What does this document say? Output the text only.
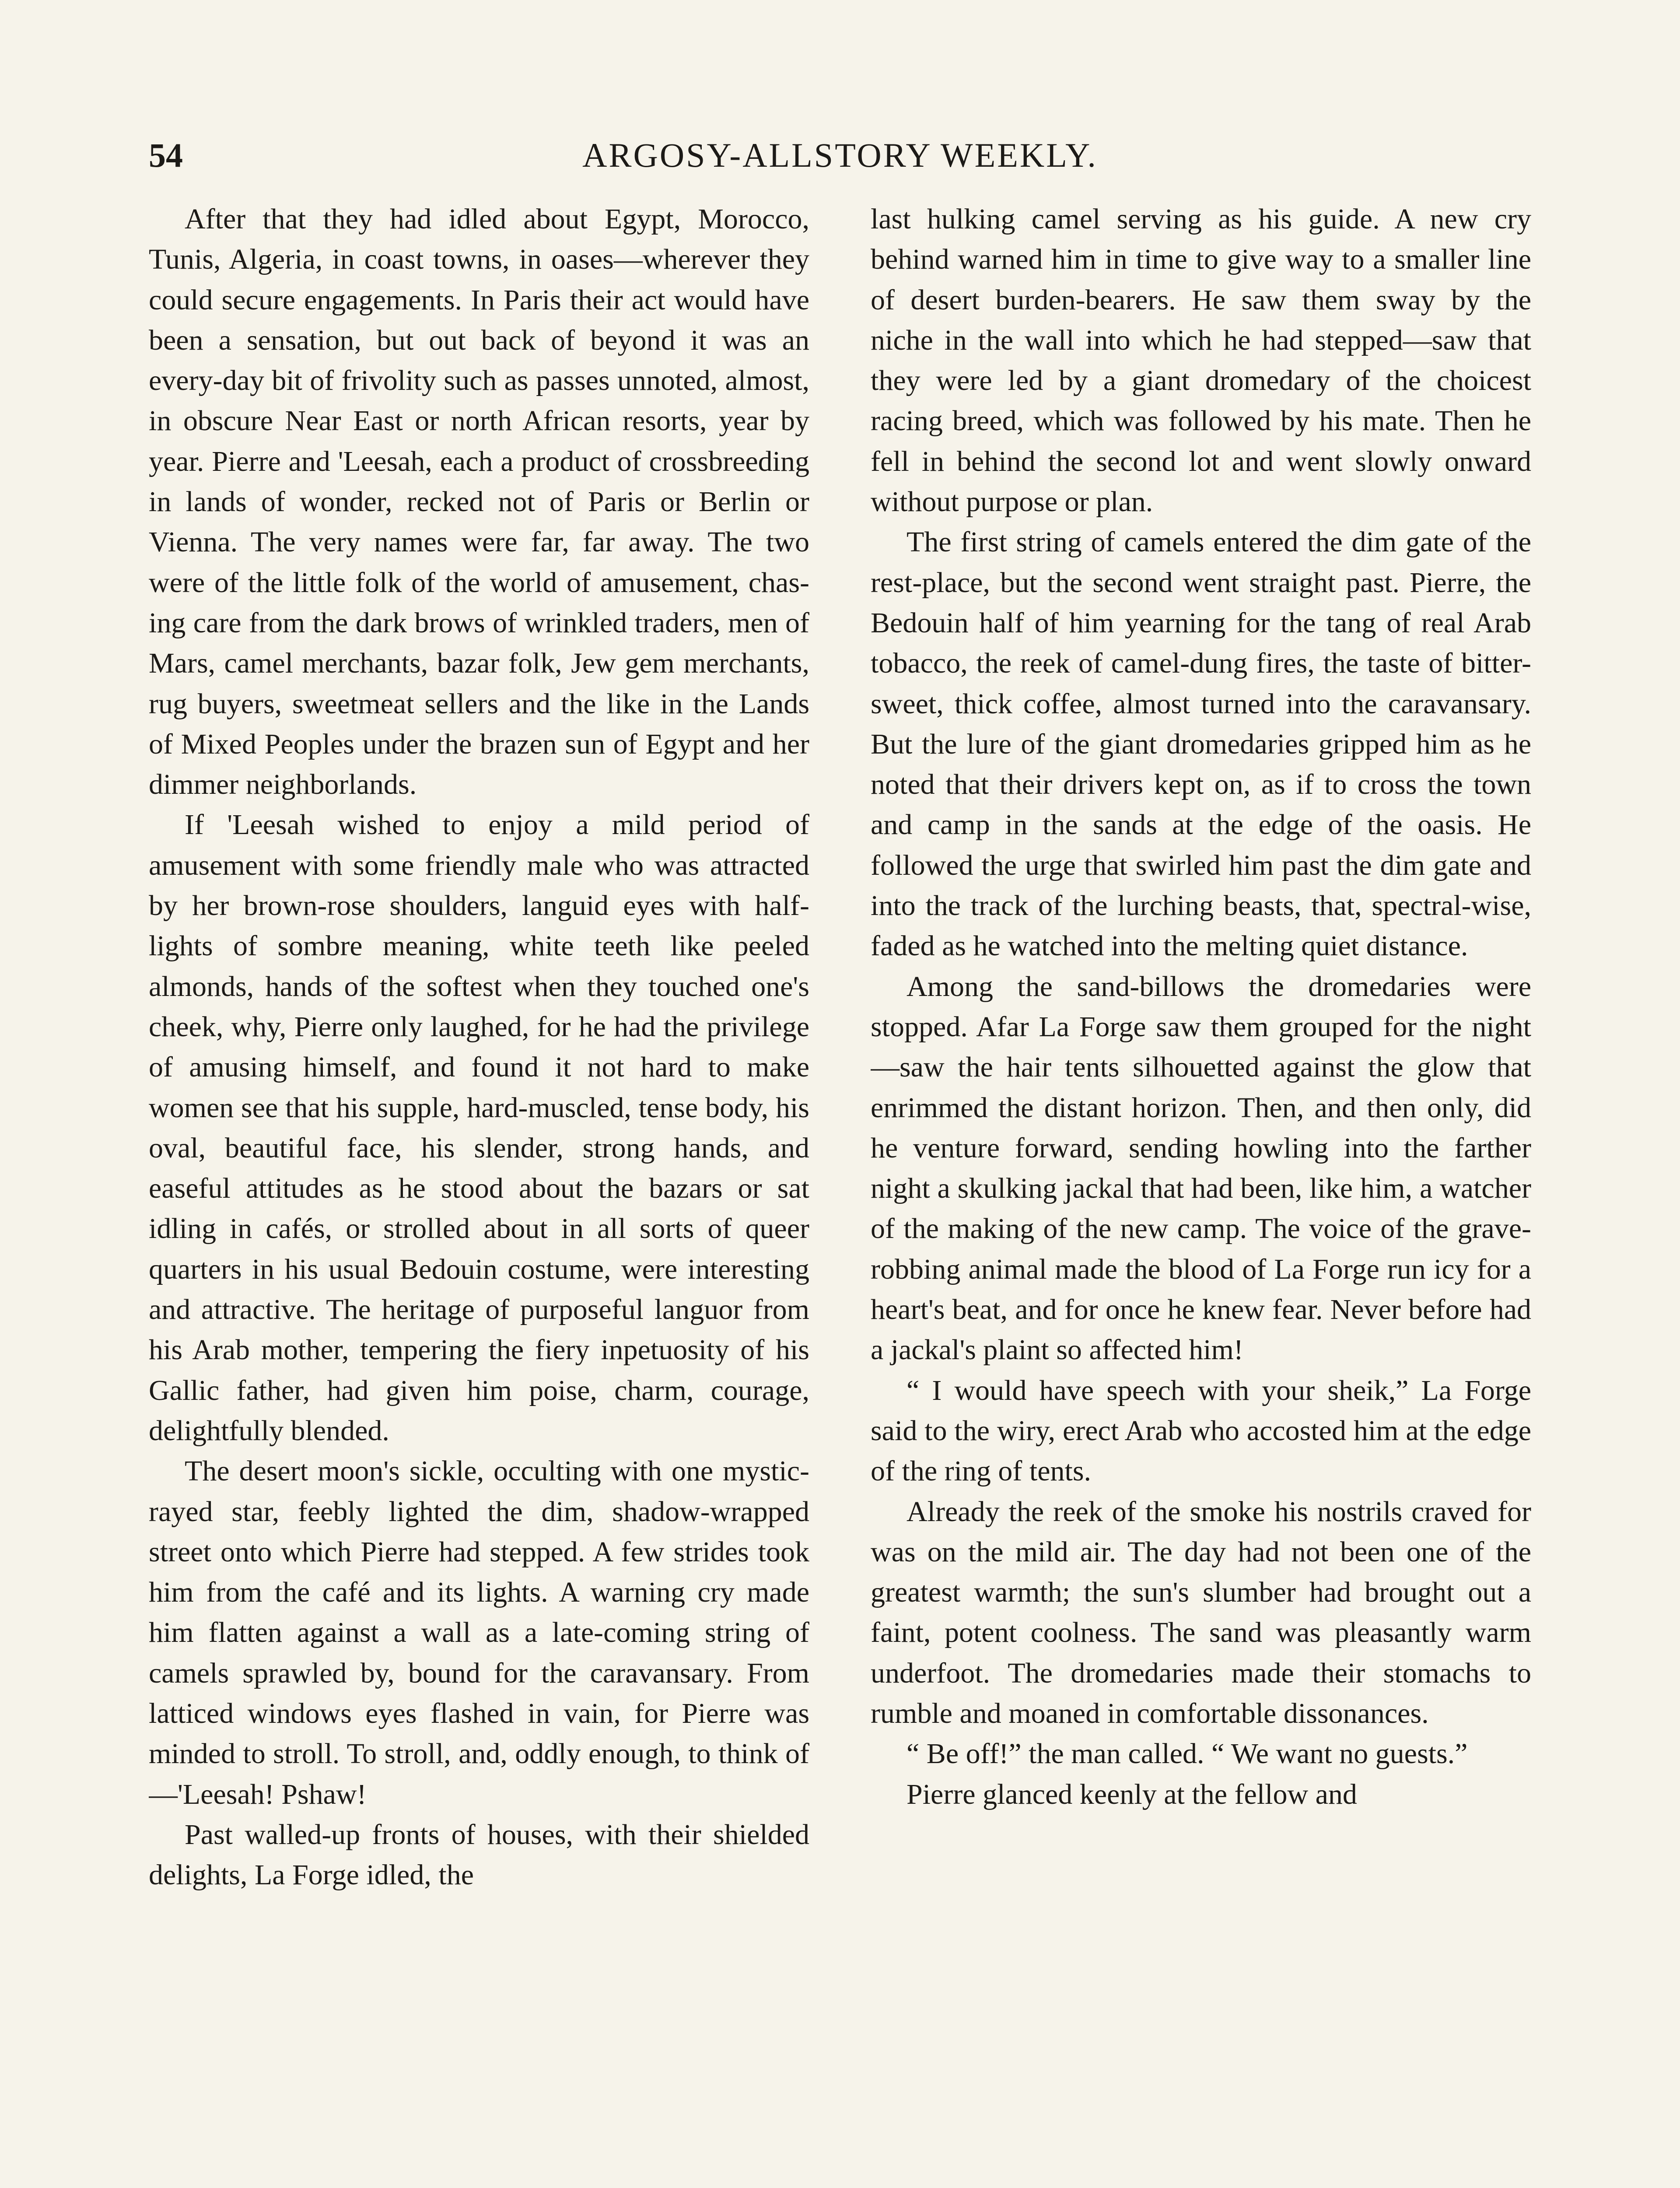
54	ARGOSY-ALLSTORY WEEKLY.

After that they had idled about Egypt, Morocco, Tunis, Algeria, in coast towns, in oases—wherever they could secure engagements. In Paris their act would have been a sensation, but out back of beyond it was an every-day bit of frivolity such as passes unnoted, almost, in obscure Near East or north African resorts, year by year. Pierre and 'Leesah, each a product of crossbreeding in lands of wonder, recked not of Paris or Berlin or Vienna. The very names were far, far away. The two were of the little folk of the world of amusement, chasing care from the dark brows of wrinkled traders, men of Mars, camel merchants, bazar folk, Jew gem merchants, rug buyers, sweetmeat sellers and the like in the Lands of Mixed Peoples under the brazen sun of Egypt and her dimmer neighborlands.

If 'Leesah wished to enjoy a mild period of amusement with some friendly male who was attracted by her brown-rose shoulders, languid eyes with half-lights of sombre meaning, white teeth like peeled almonds, hands of the softest when they touched one's cheek, why, Pierre only laughed, for he had the privilege of amusing himself, and found it not hard to make women see that his supple, hard-muscled, tense body, his oval, beautiful face, his slender, strong hands, and easeful attitudes as he stood about the bazars or sat idling in cafés, or strolled about in all sorts of queer quarters in his usual Bedouin costume, were interesting and attractive. The heritage of purposeful languor from his Arab mother, tempering the fiery inpetuosity of his Gallic father, had given him poise, charm, courage, delightfully blended.

The desert moon's sickle, occulting with one mystic-rayed star, feebly lighted the dim, shadow-wrapped street onto which Pierre had stepped. A few strides took him from the café and its lights. A warning cry made him flatten against a wall as a late-coming string of camels sprawled by, bound for the caravansary. From latticed windows eyes flashed in vain, for Pierre was minded to stroll. To stroll, and, oddly enough, to think of—'Leesah! Pshaw!

Past walled-up fronts of houses, with their shielded delights, La Forge idled, the

last hulking camel serving as his guide. A new cry behind warned him in time to give way to a smaller line of desert burden-bearers. He saw them sway by the niche in the wall into which he had stepped—saw that they were led by a giant dromedary of the choicest racing breed, which was followed by his mate. Then he fell in behind the second lot and went slowly onward without purpose or plan.

The first string of camels entered the dim gate of the rest-place, but the second went straight past. Pierre, the Bedouin half of him yearning for the tang of real Arab tobacco, the reek of camel-dung fires, the taste of bitter-sweet, thick coffee, almost turned into the caravansary. But the lure of the giant dromedaries gripped him as he noted that their drivers kept on, as if to cross the town and camp in the sands at the edge of the oasis. He followed the urge that swirled him past the dim gate and into the track of the lurching beasts, that, spectral-wise, faded as he watched into the melting quiet distance.

Among the sand-billows the dromedaries were stopped. Afar La Forge saw them grouped for the night—saw the hair tents silhouetted against the glow that enrimmed the distant horizon. Then, and then only, did he venture forward, sending howling into the farther night a skulking jackal that had been, like him, a watcher of the making of the new camp. The voice of the grave-robbing animal made the blood of La Forge run icy for a heart's beat, and for once he knew fear. Never before had a jackal's plaint so affected him!

“ I would have speech with your sheik,” La Forge said to the wiry, erect Arab who accosted him at the edge of the ring of tents.

Already the reek of the smoke his nostrils craved for was on the mild air. The day had not been one of the greatest warmth; the sun's slumber had brought out a faint, potent coolness. The sand was pleasantly warm underfoot. The dromedaries made their stomachs to rumble and moaned in comfortable dissonances.

“ Be off!” the man called. “ We want no guests.”

Pierre glanced keenly at the fellow and
